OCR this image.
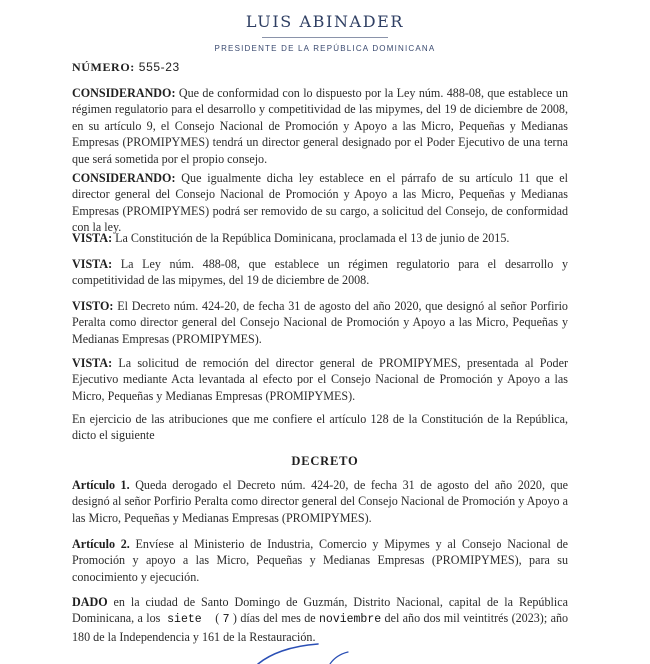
LUIS ABINADER
PRESIDENTE DE LA REPÚBLICA DOMINICANA
NÚMERO: 555-23
CONSIDERANDO: Que de conformidad con lo dispuesto por la Ley núm. 488-08, que establece un régimen regulatorio para el desarrollo y competitividad de las mipymes, del 19 de diciembre de 2008, en su artículo 9, el Consejo Nacional de Promoción y Apoyo a las Micro, Pequeñas y Medianas Empresas (PROMIPYMES) tendrá un director general designado por el Poder Ejecutivo de una terna que será sometida por el propio consejo.
CONSIDERANDO: Que igualmente dicha ley establece en el párrafo de su artículo 11 que el director general del Consejo Nacional de Promoción y Apoyo a las Micro, Pequeñas y Medianas Empresas (PROMIPYMES) podrá ser removido de su cargo, a solicitud del Consejo, de conformidad con la ley.
VISTA: La Constitución de la República Dominicana, proclamada el 13 de junio de 2015.
VISTA: La Ley núm. 488-08, que establece un régimen regulatorio para el desarrollo y competitividad de las mipymes, del 19 de diciembre de 2008.
VISTO: El Decreto núm. 424-20, de fecha 31 de agosto del año 2020, que designó al señor Porfirio Peralta como director general del Consejo Nacional de Promoción y Apoyo a las Micro, Pequeñas y Medianas Empresas (PROMIPYMES).
VISTA: La solicitud de remoción del director general de PROMIPYMES, presentada al Poder Ejecutivo mediante Acta levantada al efecto por el Consejo Nacional de Promoción y Apoyo a las Micro, Pequeñas y Medianas Empresas (PROMIPYMES).
En ejercicio de las atribuciones que me confiere el artículo 128 de la Constitución de la República, dicto el siguiente
DECRETO
Artículo 1. Queda derogado el Decreto núm. 424-20, de fecha 31 de agosto del año 2020, que designó al señor Porfirio Peralta como director general del Consejo Nacional de Promoción y Apoyo a las Micro, Pequeñas y Medianas Empresas (PROMIPYMES).
Artículo 2. Envíese al Ministerio de Industria, Comercio y Mipymes y al Consejo Nacional de Promoción y apoyo a las Micro, Pequeñas y Medianas Empresas (PROMIPYMES), para su conocimiento y ejecución.
DADO en la ciudad de Santo Domingo de Guzmán, Distrito Nacional, capital de la República Dominicana, a los siete ( 7 ) días del mes de noviembre del año dos mil veintitrés (2023); año 180 de la Independencia y 161 de la Restauración.
